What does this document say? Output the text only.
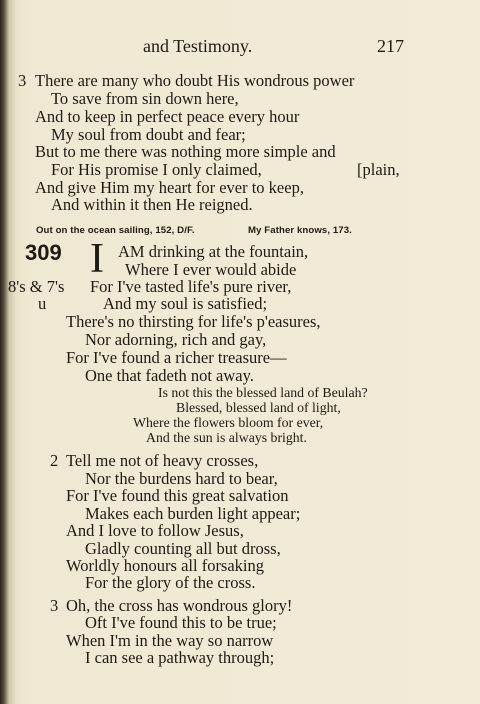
and Testimony.	217
3 There are many who doubt His wondrous power
To save from sin down here,
And to keep in perfect peace every hour
My soul from doubt and fear;
But to me there was nothing more simple and
For His promise I only claimed,	[plain,
And give Him my heart for ever to keep,
And within it then He reigned.
Out on the ocean sailing, 152, D/F.	My Father knows, 173.
309 I AM drinking at the fountain,
Where I ever would abide
8's & 7's For I've tasted life's pure river,
u	And my soul is satisfied;
There's no thirsting for life's p'easures,
Nor adorning, rich and gay,
For I've found a richer treasure—
One that fadeth not away.
Is not this the blessed land of Beulah?
Blessed, blessed land of light,
Where the flowers bloom for ever,
And the sun is always bright.
2 Tell me not of heavy crosses,
Nor the burdens hard to bear,
For I've found this great salvation
Makes each burden light appear;
And I love to follow Jesus,
Gladly counting all but dross,
Worldly honours all forsaking
For the glory of the cross.
3 Oh, the cross has wondrous glory!
Oft I've found this to be true;
When I'm in the way so narrow
I can see a pathway through;
